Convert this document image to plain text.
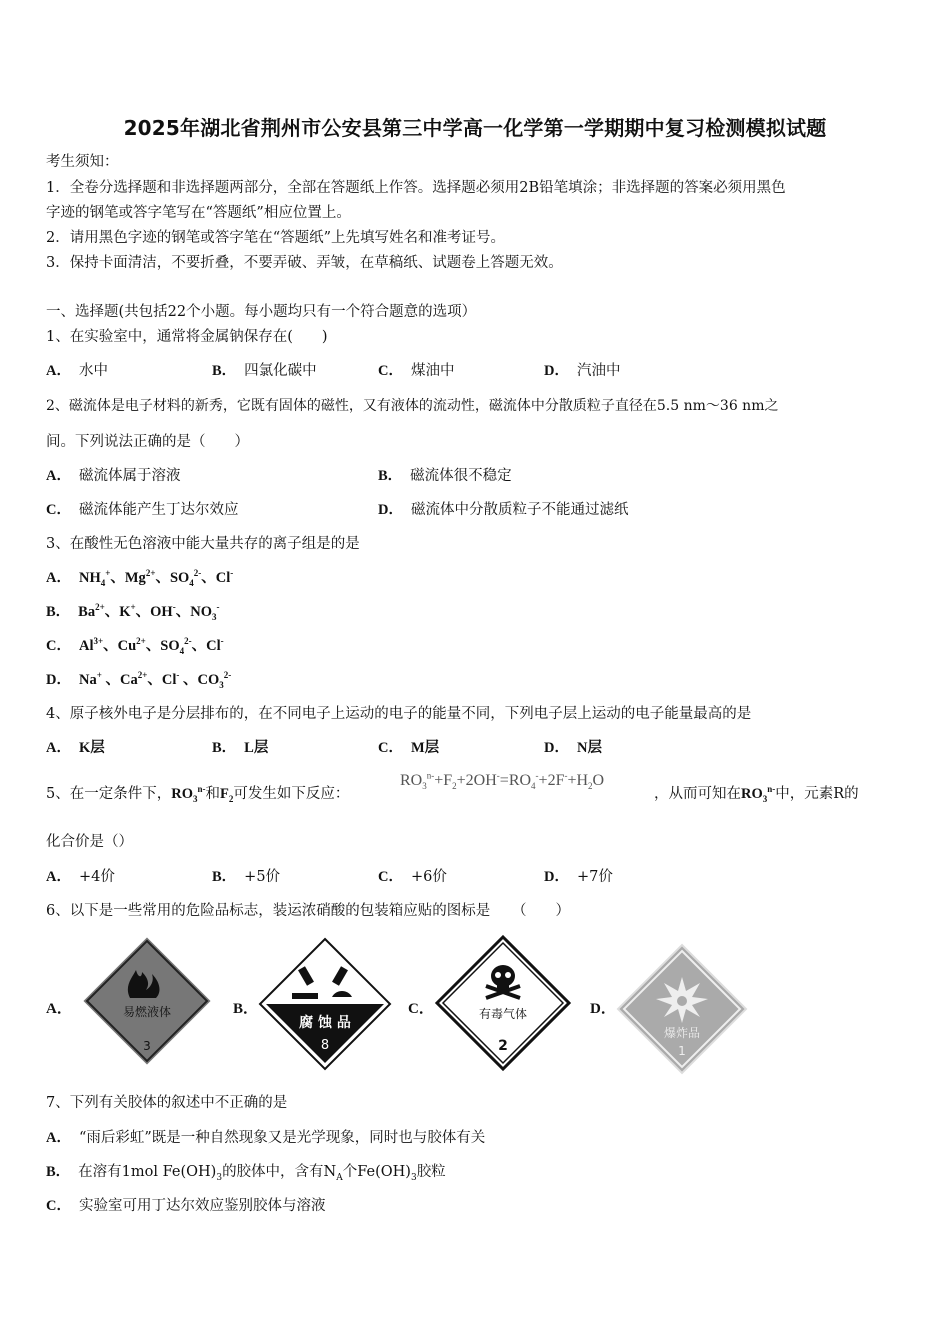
2025年湖北省荆州市公安县第三中学高一化学第一学期期中复习检测模拟试题
考生须知：
1．全卷分选择题和非选择题两部分，全部在答题纸上作答。选择题必须用2B铅笔填涂；非选择题的答案必须用黑色
字迹的钢笔或答字笔写在“答题纸”相应位置上。
2．请用黑色字迹的钢笔或答字笔在“答题纸”上先填写姓名和准考证号。
3．保持卡面清洁，不要折叠，不要弄破、弄皱，在草稿纸、试题卷上答题无效。
一、选择题(共包括22个小题。每小题均只有一个符合题意的选项）
1、在实验室中，通常将金属钠保存在(　　)
A． 水中	B． 四氯化碳中	C． 煤油中	D． 汽油中
2、磁流体是电子材料的新秀，它既有固体的磁性，又有液体的流动性，磁流体中分散质粒子直径在5.5 nm～36 nm之
间。下列说法正确的是（　　）
A． 磁流体属于溶液	B． 磁流体很不稳定
C． 磁流体能产生丁达尔效应	D． 磁流体中分散质粒子不能通过滤纸
3、在酸性无色溶液中能大量共存的离子组是的是
A． $NH_4^+$、$Mg^{2+}$、$SO_4^{2-}$、Cl-
B． $Ba^{2+}$、K+、OH-、$NO_3^-$
C． $Al^{3+}$、$Cu^{2+}$、$SO_4^{2-}$、Cl-
D． Na+ 、$Ca^{2+}$、Cl- 、$CO_3^{2-}$
4、原子核外电子是分层排布的，在不同电子上运动的电子的能量不同，下列电子层上运动的电子能量最高的是
A． K层	B． L层	C． M层	D． N层
5、在一定条件下，$RO_3^{n-}$和$F_2$可发生如下反应：
$RO_3^{n-}+F_2+2OH^-=RO_4^-+2F^-+H_2O$
，从而可知在$RO_3^{n-}$中，元素R的
化合价是（）
A． +4价	B． +5价	C． +6价	D． +7价
6、以下是一些常用的危险品标志，装运浓硝酸的包装箱应贴的图标是　　（　　）
A．	易燃液体
3
B．
腐 蚀 品
8
C．	有毒气体
2
D．
爆炸品
1
7、下列有关胶体的叙述中不正确的是
A． “雨后彩虹”既是一种自然现象又是光学现象，同时也与胶体有关
B． 在溶有1mol $Fe(OH)_3$的胶体中，含有$N_A$个$Fe(OH)_3$胶粒
C． 实验室可用丁达尔效应鉴别胶体与溶液
